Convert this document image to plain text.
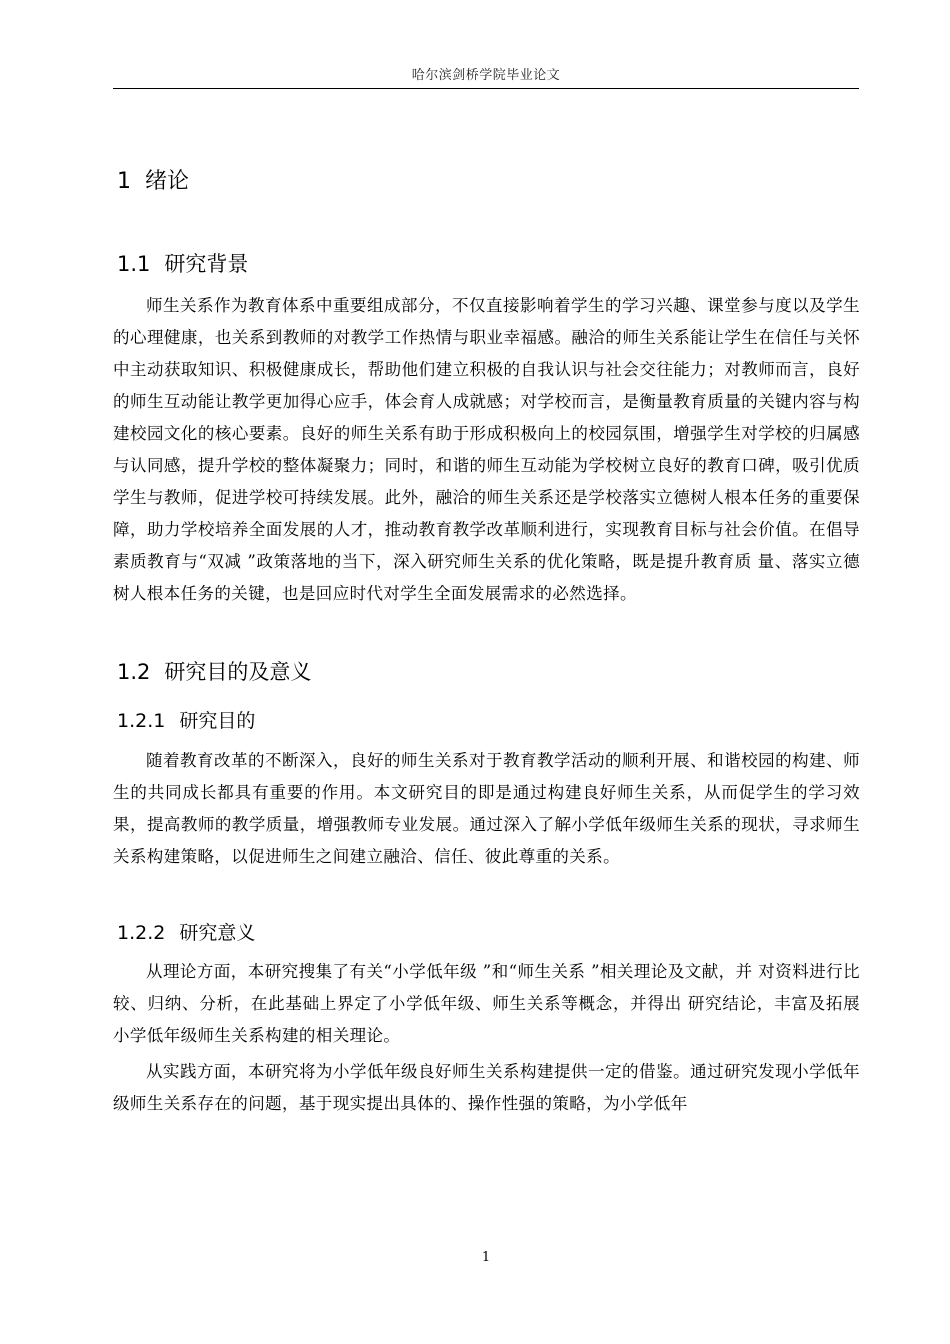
哈尔滨剑桥学院毕业论文
1 绪论
1.1 研究背景

师生关系作为教育体系中重要组成部分，不仅直接影响着学生的学习兴趣、课堂参与度以及学生的心理健康，也关系到教师的对教学工作热情与职业幸福感。融洽的师生关系能让学生在信任与关怀中主动获取知识、积极健康成长，帮助他们建立积极的自我认识与社会交往能力；对教师而言，良好的师生互动能让教学更加得心应手，体会育人成就感；对学校而言，是衡量教育质量的关键内容与构建校园文化的核心要素。良好的师生关系有助于形成积极向上的校园氛围，增强学生对学校的归属感与认同感，提升学校的整体凝聚力；同时，和谐的师生互动能为学校树立良好的教育口碑，吸引优质学生与教师，促进学校可持续发展。此外，融洽的师生关系还是学校落实立德树人根本任务的重要保障，助力学校培养全面发展的人才，推动教育教学改革顺利进行，实现教育目标与社会价值。在倡导素质教育与“双减 ”政策落地的当下，深入研究师生关系的优化策略，既是提升教育质 量、落实立德树人根本任务的关键，也是回应时代对学生全面发展需求的必然选择。

1.2 研究目的及意义
1.2.1 研究目的

随着教育改革的不断深入，良好的师生关系对于教育教学活动的顺利开展、和谐校园的构建、师生的共同成长都具有重要的作用。本文研究目的即是通过构建良好师生关系，从而促学生的学习效果，提高教师的教学质量，增强教师专业发展。通过深入了解小学低年级师生关系的现状，寻求师生关系构建策略，以促进师生之间建立融洽、信任、彼此尊重的关系。

1.2.2 研究意义

从理论方面，本研究搜集了有关“小学低年级 ”和“师生关系 ”相关理论及文献，并 对资料进行比较、归纳、分析，在此基础上界定了小学低年级、师生关系等概念，并得出 研究结论，丰富及拓展小学低年级师生关系构建的相关理论。

从实践方面，本研究将为小学低年级良好师生关系构建提供一定的借鉴。通过研究发现小学低年级师生关系存在的问题，基于现实提出具体的、操作性强的策略，为小学低年

1
